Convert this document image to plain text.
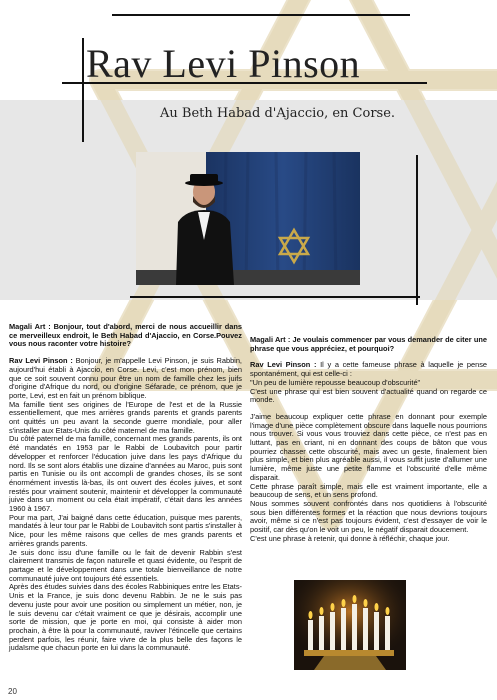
Rav Levi Pinson
Au Beth Habad d'Ajaccio, en Corse.

Magali Art : Bonjour, tout d'abord, merci de nous accueillir dans ce merveilleux endroit, le Beth Habad d'Ajaccio, en Corse.Pouvez vous nous raconter votre histoire?

Rav Levi Pinson : Bonjour, je m'appelle Levi Pinson, je suis Rabbin, aujourd'hui établi à Ajaccio, en Corse. Levi, c'est mon prénom, bien que ce soit souvent connu pour être un nom de famille chez les juifs d'origine d'Afrique du nord, ou d'origine Séfarade, ce prénom, que je porte, Levi, est en fait un prénom biblique.

Ma famille tient ses origines de l'Europe de l'est et de la Russie essentiellement, que mes arrières grands parents et grands parents ont quittés un peu avant la seconde guerre mondiale, pour aller s'installer aux Etats-Unis du côté maternel de ma famille.

Du côté paternel de ma famille, concernant mes grands parents, ils ont été mandatés en 1953 par le Rabbi de Loubavitch pour partir développer et renforcer l'éducation juive dans les pays d'Afrique du nord. Ils se sont alors établis une dizaine d'années au Maroc, puis sont partis en Tunisie ou ils ont accompli de grandes choses, ils se sont énormément investis là-bas, ils ont ouvert des écoles juives, et sont restés pour vraiment soutenir, maintenir et développer la communauté juive dans un moment ou cela était impératif, c'était dans les années 1960 à 1967.

Pour ma part, J'ai baigné dans cette éducation, puisque mes parents, mandatés à leur tour par le Rabbi de Loubavitch sont partis s'installer à Nice, pour les même raisons que celles de mes grands parents et arrières grands parents.

Je suis donc issu d'une famille ou le fait de devenir Rabbin s'est clairement transmis de façon naturelle et quasi évidente, ou l'esprit de partage et le développement dans une totale bienveillance de notre communauté juive ont toujours été essentiels.

Après des études suivies dans des écoles Rabbiniques entre les Etats-Unis et la France, je suis donc devenu Rabbin. Je ne le suis pas devenu juste pour avoir une position ou simplement un métier, non, je le suis devenu car c'était vraiment ce que je désirais, accomplir une sorte de mission, que je porte en moi, qui consiste à aider mon prochain, à être là pour la communauté, raviver l'étincelle que certains perdent parfois, les réunir, faire vivre de la plus belle des façons le judaïsme que chacun porte en lui dans la communauté.

Magali Art : Je voulais commencer par vous demander de citer une phrase que vous appréciez, et pourquoi?

Rav Levi Pinson : Il y a cette fameuse phrase à laquelle je pense spontanément, qui est celle-ci :

"Un peu de lumière repousse beaucoup d'obscurité"

C'est une phrase qui est bien souvent d'actualité quand on regarde ce monde.

J'aime beaucoup expliquer cette phrase en donnant pour exemple l'image d'une pièce complètement obscure dans laquelle nous pourrions nous trouver. Si vous vous trouviez dans cette pièce, ce n'est pas en luttant, pas en criant, ni en donnant des coups de bâton que vous pourriez chasser cette obscurité, mais avec un geste, finalement bien plus simple, et bien plus agréable aussi, il vous suffit juste d'allumer une lumière, même juste une petite flamme et l'obscurité d'elle même disparait.

Cette phrase paraît simple, mais elle est vraiment importante, elle a beaucoup de sens, et un sens profond.

Nous sommes souvent confrontés dans nos quotidiens à l'obscurité sous bien différentes formes et la réaction que nous devrions toujours avoir, même si ce n'est pas toujours évident, c'est d'essayer de voir le positif, car dès qu'on le voit un peu, le négatif disparait doucement.

C'est une phrase à retenir, qui donne à réfléchir, chaque jour.

20
